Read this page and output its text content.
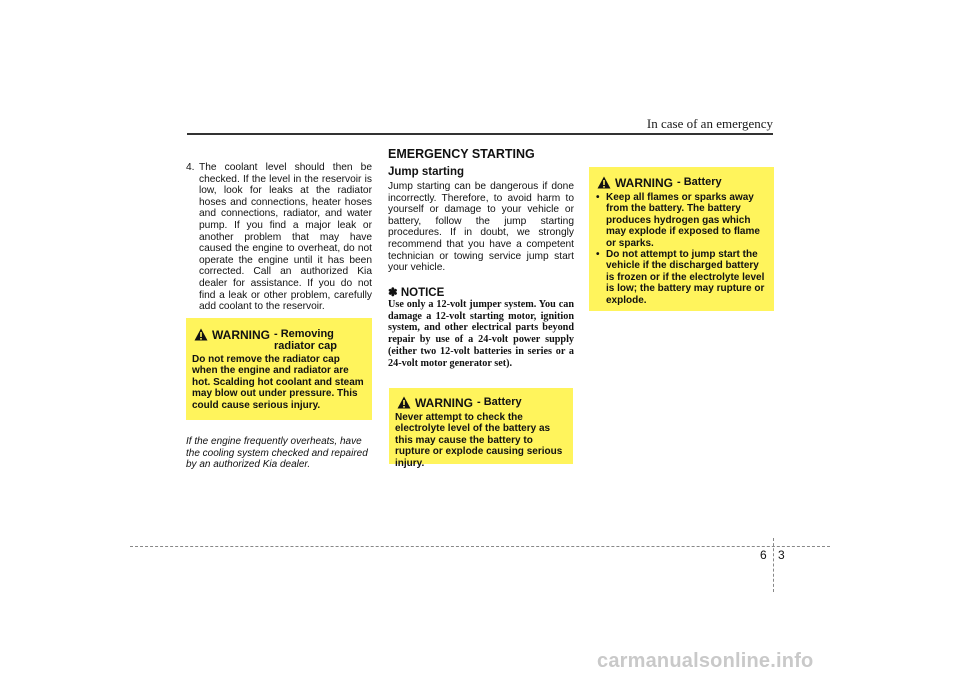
In case of an emergency
4. The coolant level should then be checked. If the level in the reservoir is low, look for leaks at the radiator hoses and connections, heater hoses and connections, radiator, and water pump. If you find a major leak or another problem that may have caused the engine to overheat, do not operate the engine until it has been corrected. Call an authorized Kia dealer for assistance. If you do not find a leak or other problem, carefully add coolant to the reservoir.
WARNING - Removing radiator cap
Do not remove the radiator cap when the engine and radiator are hot. Scalding hot coolant and steam may blow out under pressure. This could cause serious injury.
If the engine frequently overheats, have the cooling system checked and repaired by an authorized Kia dealer.
EMERGENCY STARTING
Jump starting
Jump starting can be dangerous if done incorrectly. Therefore, to avoid harm to yourself or damage to your vehicle or battery, follow the jump starting procedures. If in doubt, we strongly recommend that you have a competent technician or towing service jump start your vehicle.
✽ NOTICE
Use only a 12-volt jumper system. You can damage a 12-volt starting motor, ignition system, and other electrical parts beyond repair by use of a 24-volt power supply (either two 12-volt batteries in series or a 24-volt motor generator set).
WARNING - Battery
Never attempt to check the electrolyte level of the battery as this may cause the battery to rupture or explode causing serious injury.
WARNING - Battery
• Keep all flames or sparks away from the battery. The battery produces hydrogen gas which may explode if exposed to flame or sparks.
• Do not attempt to jump start the vehicle if the discharged battery is frozen or if the electrolyte level is low; the battery may rupture or explode.
6 3
carmanualsonline.info
